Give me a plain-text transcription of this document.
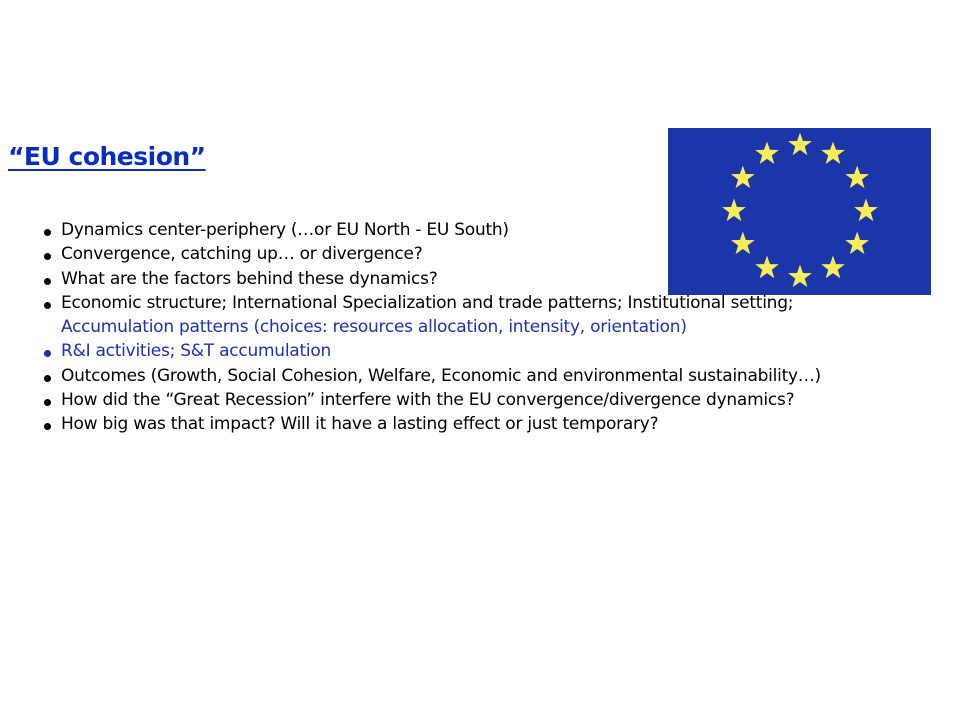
“EU cohesion”
Dynamics center-periphery (…or EU North - EU South)
Convergence, catching up… or divergence?
What are the factors behind these dynamics?
Economic structure; International Specialization and trade patterns; Institutional setting;
Accumulation patterns (choices: resources allocation, intensity, orientation)
R&I activities; S&T accumulation
Outcomes (Growth, Social Cohesion, Welfare, Economic and environmental sustainability…)
How did the “Great Recession” interfere with the EU convergence/divergence dynamics?
How big was that impact? Will it have a lasting effect or just temporary?
